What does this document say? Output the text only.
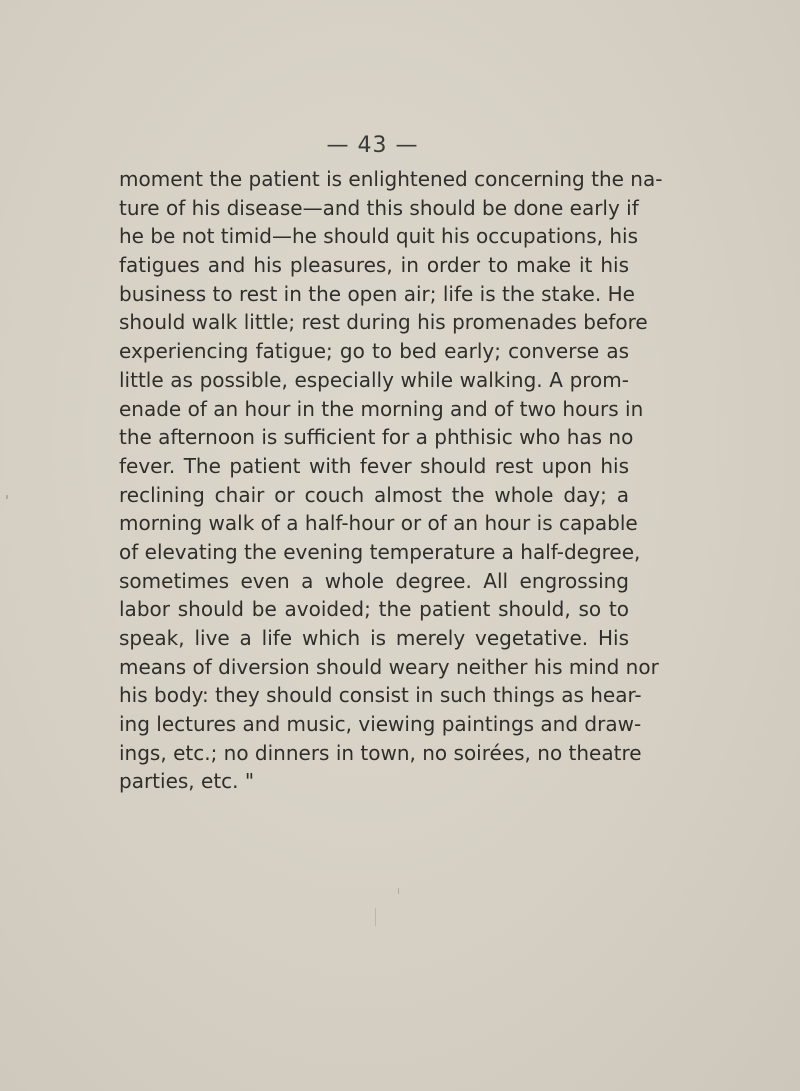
— 43 —
moment the patient is enlightened concerning the na-
ture of his disease—and this should be done early if
he be not timid—he should quit his occupations, his
fatigues and his pleasures, in order to make it his
business to rest in the open air; life is the stake. He
should walk little; rest during his promenades before
experiencing fatigue; go to bed early; converse as
little as possible, especially while walking. A prom-
enade of an hour in the morning and of two hours in
the afternoon is sufficient for a phthisic who has no
fever. The patient with fever should rest upon his
reclining chair or couch almost the whole day; a
morning walk of a half-hour or of an hour is capable
of elevating the evening temperature a half-degree,
sometimes even a whole degree. All engrossing
labor should be avoided; the patient should, so to
speak, live a life which is merely vegetative. His
means of diversion should weary neither his mind nor
his body: they should consist in such things as hear-
ing lectures and music, viewing paintings and draw-
ings, etc.; no dinners in town, no soirées, no theatre
parties, etc. "
